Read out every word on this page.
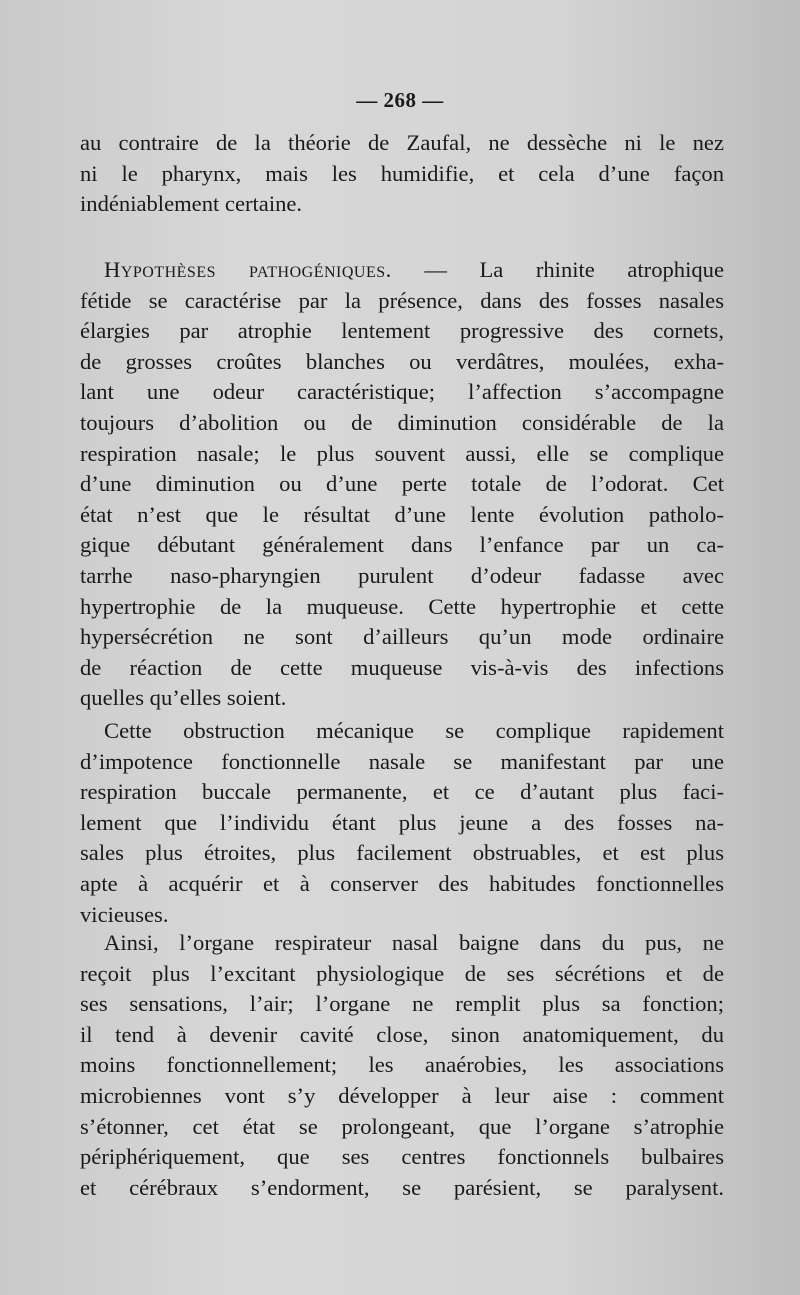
— 268 —
au contraire de la théorie de Zaufal, ne dessèche ni le nez
ni le pharynx, mais les humidifie, et cela d’une façon
indéniablement certaine.
Hypothèses pathogéniques. — La rhinite atrophique
fétide se caractérise par la présence, dans des fosses nasales
élargies par atrophie lentement progressive des cornets,
de grosses croûtes blanches ou verdâtres, moulées, exha-
lant une odeur caractéristique; l’affection s’accompagne
toujours d’abolition ou de diminution considérable de la
respiration nasale; le plus souvent aussi, elle se complique
d’une diminution ou d’une perte totale de l’odorat. Cet
état n’est que le résultat d’une lente évolution patholo-
gique débutant généralement dans l’enfance par un ca-
tarrhe naso-pharyngien purulent d’odeur fadasse avec
hypertrophie de la muqueuse. Cette hypertrophie et cette
hypersécrétion ne sont d’ailleurs qu’un mode ordinaire
de réaction de cette muqueuse vis-à-vis des infections
quelles qu’elles soient.
Cette obstruction mécanique se complique rapidement
d’impotence fonctionnelle nasale se manifestant par une
respiration buccale permanente, et ce d’autant plus faci-
lement que l’individu étant plus jeune a des fosses na-
sales plus étroites, plus facilement obstruables, et est plus
apte à acquérir et à conserver des habitudes fonctionnelles
vicieuses.
Ainsi, l’organe respirateur nasal baigne dans du pus, ne
reçoit plus l’excitant physiologique de ses sécrétions et de
ses sensations, l’air; l’organe ne remplit plus sa fonction;
il tend à devenir cavité close, sinon anatomiquement, du
moins fonctionnellement; les anaérobies, les associations
microbiennes vont s’y développer à leur aise : comment
s’étonner, cet état se prolongeant, que l’organe s’atrophie
périphériquement, que ses centres fonctionnels bulbaires
et cérébraux s’endorment, se parésient, se paralysent.
